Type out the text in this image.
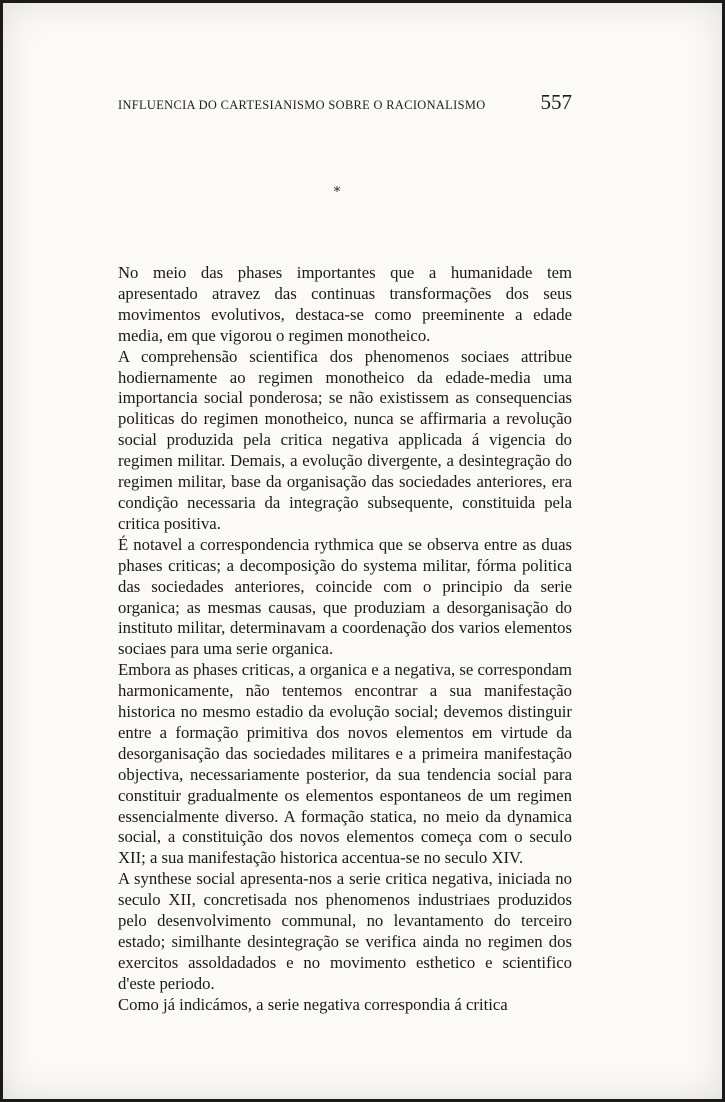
INFLUENCIA DO CARTESIANISMO SOBRE O RACIONALISMO	557
*

No meio das phases importantes que a humanidade tem apresentado atravez das continuas transformações dos seus movimentos evolutivos, destaca-se como preeminente a edade media, em que vigorou o regimen monotheico.

A comprehensão scientifica dos phenomenos sociaes attribue hodiernamente ao regimen monotheico da edade-media uma importancia social ponderosa; se não existissem as consequencias politicas do regimen monotheico, nunca se affirmaria a revolução social produzida pela critica negativa applicada á vigencia do regimen militar. Demais, a evolução divergente, a desintegração do regimen militar, base da organisação das sociedades anteriores, era condição necessaria da integração subsequente, constituida pela critica positiva.

É notavel a correspondencia rythmica que se observa entre as duas phases criticas; a decomposição do systema militar, fórma politica das sociedades anteriores, coincide com o principio da serie organica; as mesmas causas, que produziam a desorganisação do instituto militar, determinavam a coordenação dos varios elementos sociaes para uma serie organica.

Embora as phases criticas, a organica e a negativa, se correspondam harmonicamente, não tentemos encontrar a sua manifestação historica no mesmo estadio da evolução social; devemos distinguir entre a formação primitiva dos novos elementos em virtude da desorganisação das sociedades militares e a primeira manifestação objectiva, necessariamente posterior, da sua tendencia social para constituir gradualmente os elementos espontaneos de um regimen essencialmente diverso. A formação statica, no meio da dynamica social, a constituição dos novos elementos começa com o seculo XII; a sua manifestação historica accentua-se no seculo XIV.

A synthese social apresenta-nos a serie critica negativa, iniciada no seculo XII, concretisada nos phenomenos industriaes produzidos pelo desenvolvimento communal, no levantamento do terceiro estado; similhante desintegração se verifica ainda no regimen dos exercitos assoldadados e no movimento esthetico e scientifico d'este periodo.

Como já indicámos, a serie negativa correspondia á critica
